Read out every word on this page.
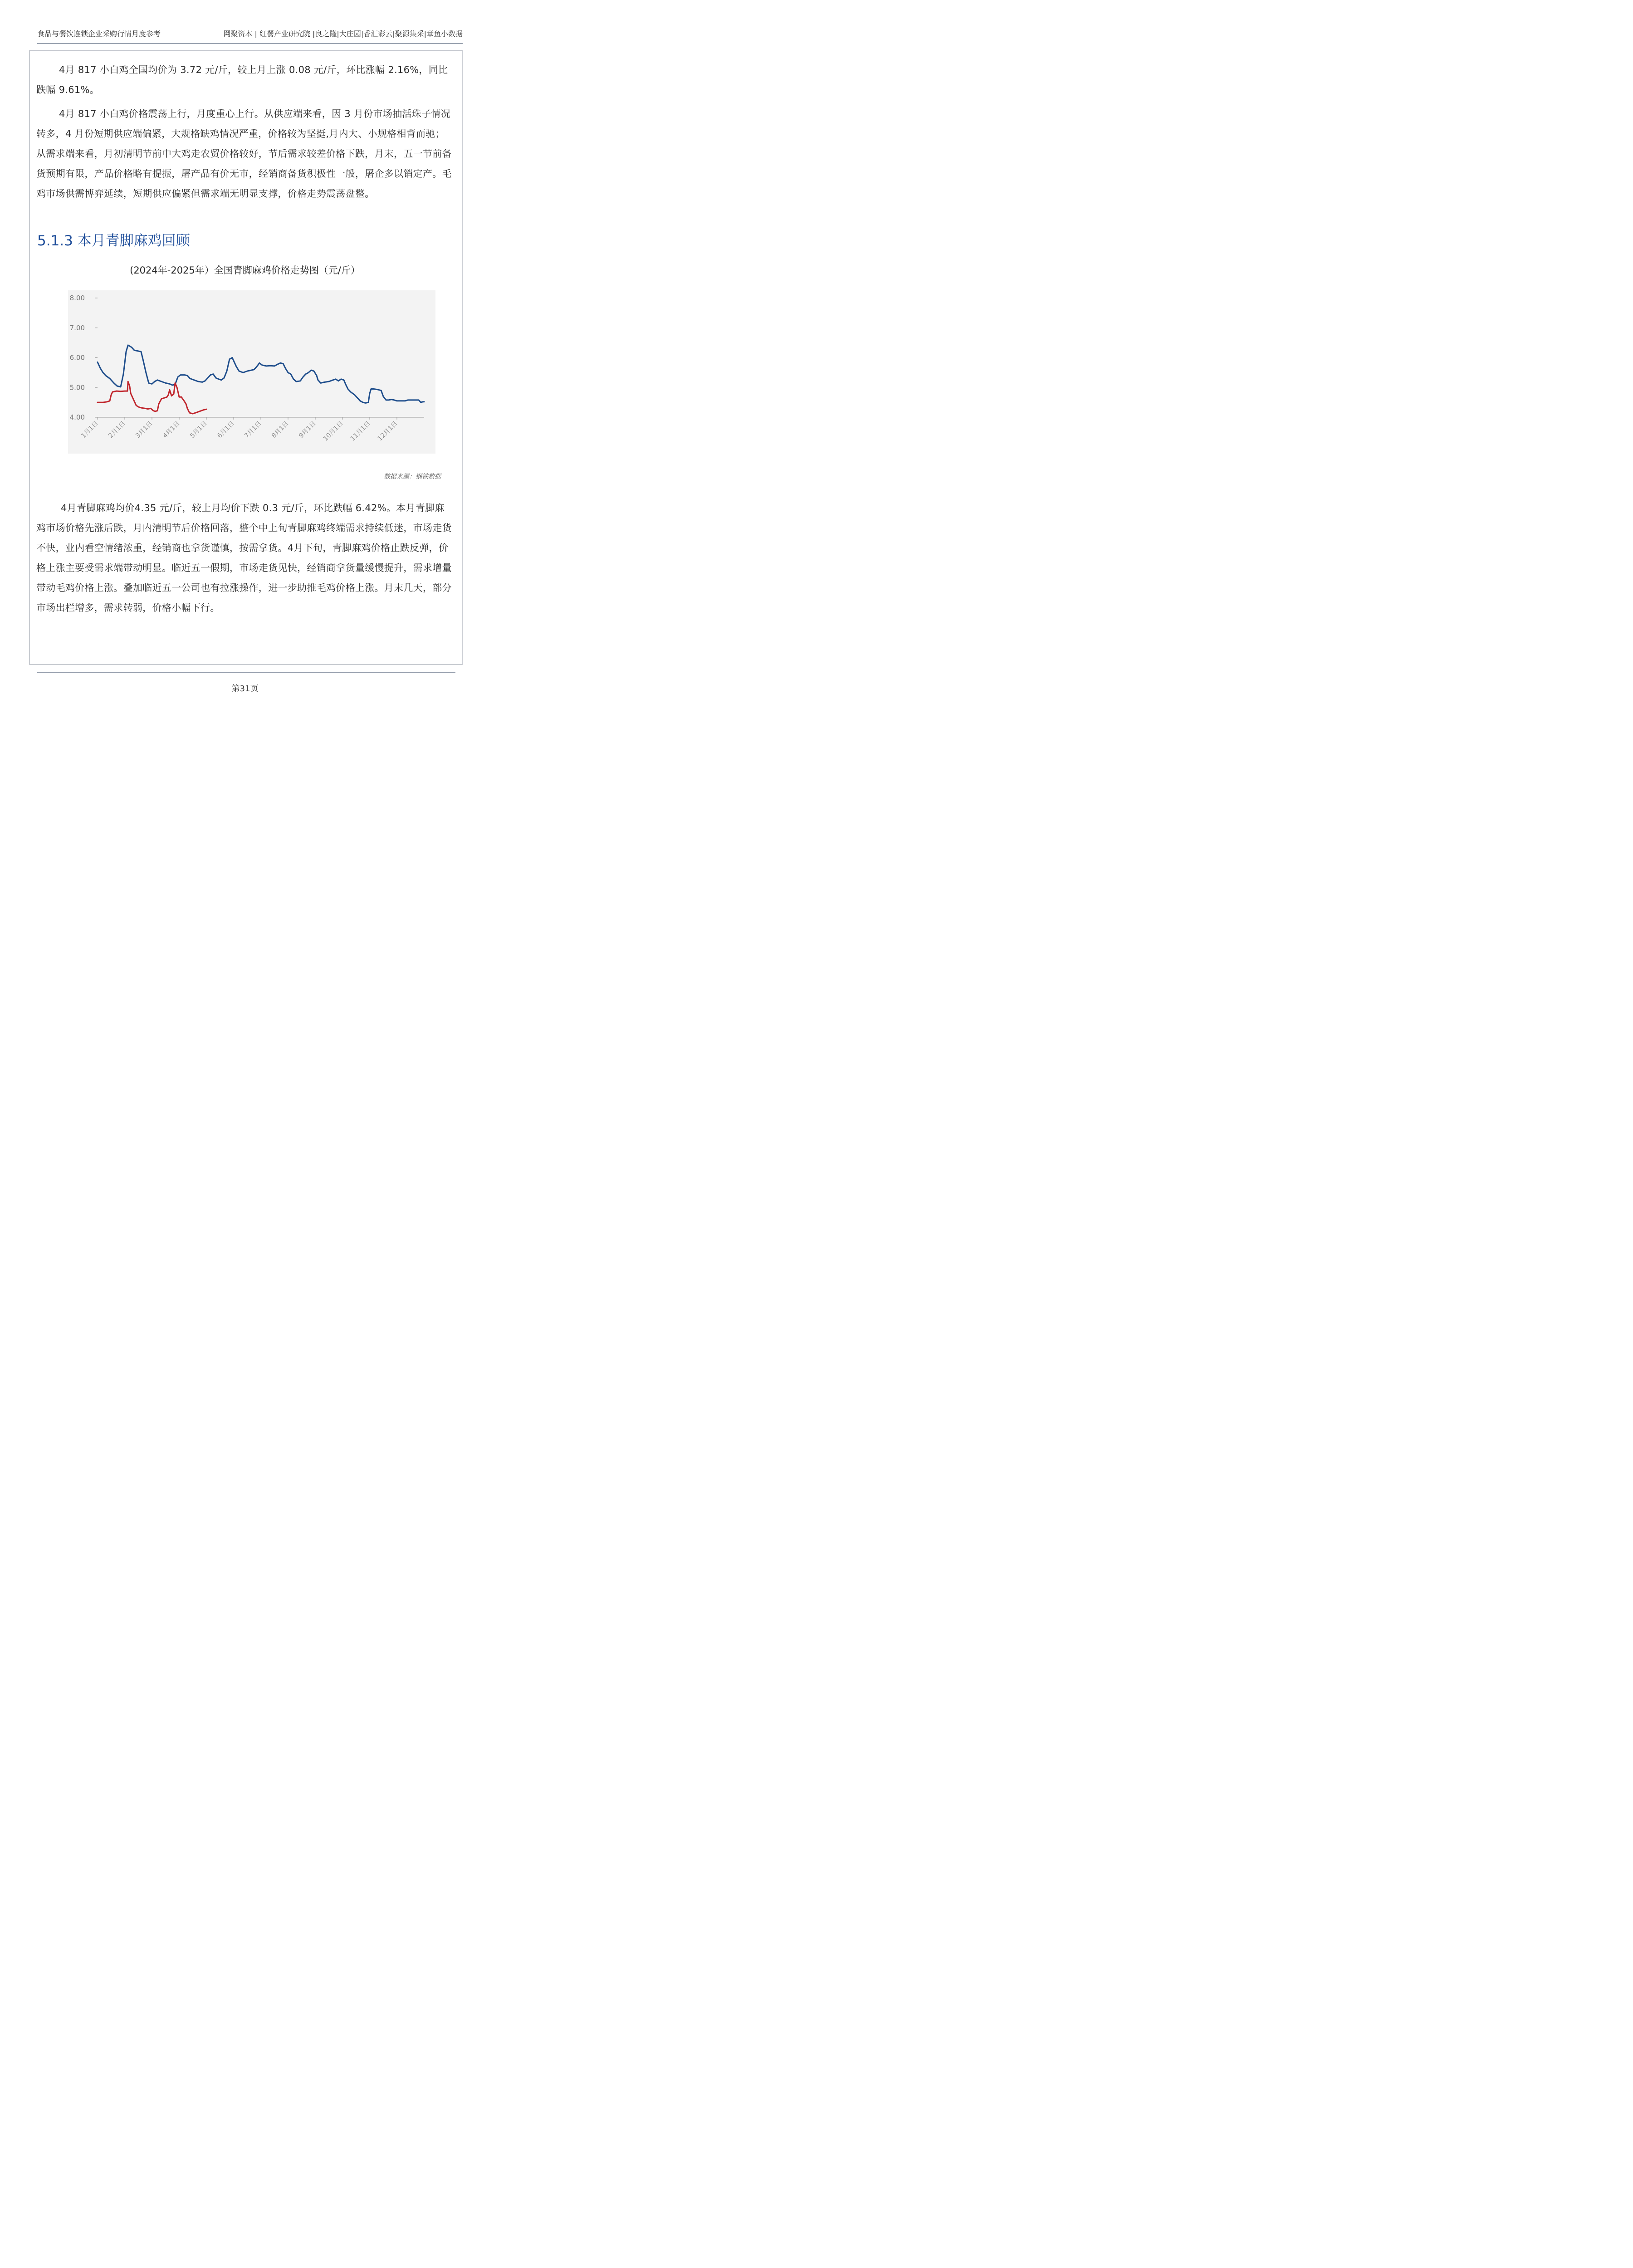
食品与餐饮连锁企业采购行情月度参考	网聚资本 | 红餐产业研究院 |良之隆|大庄园|香汇彩云|聚源集采|章鱼小数据

4月 817 小白鸡全国均价为 3.72 元/斤，较上月上涨 0.08 元/斤，环比涨幅 2.16%，同比跌幅 9.61%。

4月 817 小白鸡价格震荡上行，月度重心上行。从供应端来看，因 3 月份市场抽活珠子情况转多，4 月份短期供应端偏紧，大规格缺鸡情况严重，价格较为坚挺,月内大、小规格相背而驰；从需求端来看，月初清明节前中大鸡走农贸价格较好，节后需求较差价格下跌，月末，五一节前备货预期有限，产品价格略有提振，屠产品有价无市，经销商备货积极性一般，屠企多以销定产。毛鸡市场供需博弈延续，短期供应偏紧但需求端无明显支撑，价格走势震荡盘整。

5.1.3 本月青脚麻鸡回顾
(2024年-2025年）全国青脚麻鸡价格走势图（元/斤）
8.00
7.00
6.00
5.00
4.00
1月1日 2月1日 3月1日 4月1日 5月1日 6月1日 7月1日 8月1日 9月1日 10月1日 11月1日 12月1日
数据来源：钢铁数据

4月青脚麻鸡均价4.35 元/斤，较上月均价下跌 0.3 元/斤，环比跌幅 6.42%。本月青脚麻鸡市场价格先涨后跌，月内清明节后价格回落，整个中上旬青脚麻鸡终端需求持续低迷，市场走货不快，业内看空情绪浓重，经销商也拿货谨慎，按需拿货。4月下旬，青脚麻鸡价格止跌反弹，价格上涨主要受需求端带动明显。临近五一假期，市场走货见快，经销商拿货量缓慢提升，需求增量带动毛鸡价格上涨。叠加临近五一公司也有拉涨操作，进一步助推毛鸡价格上涨。月末几天，部分市场出栏增多，需求转弱，价格小幅下行。

第31页
